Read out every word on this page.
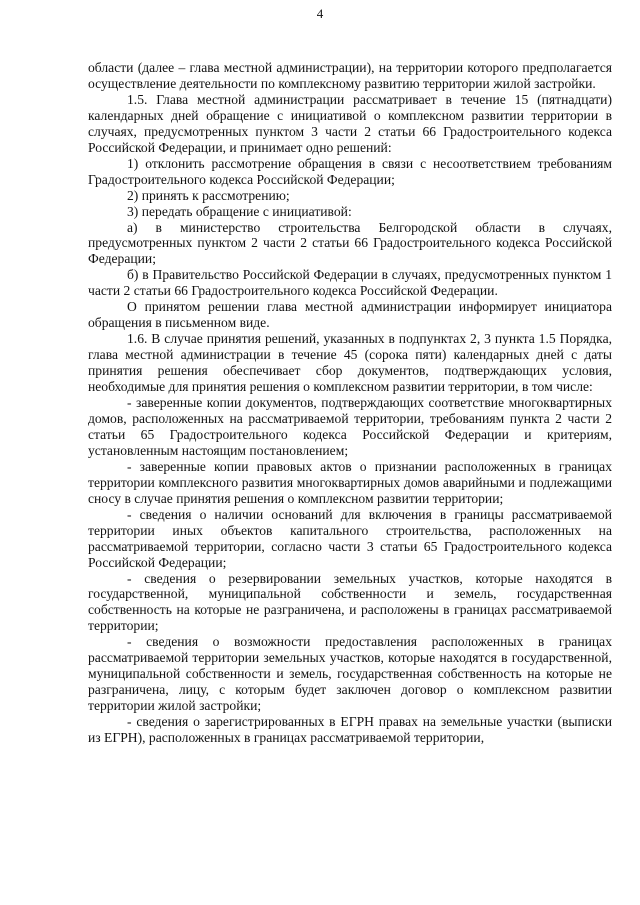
4

области (далее – глава местной администрации), на территории которого предполагается осуществление деятельности по комплексному развитию территории жилой застройки.

1.5. Глава местной администрации рассматривает в течение 15 (пятнадцати) календарных дней обращение с инициативой о комплексном развитии территории в случаях, предусмотренных пунктом 3 части 2 статьи 66 Градостроительного кодекса Российской Федерации, и принимает одно решений:

1) отклонить рассмотрение обращения в связи с несоответствием требованиям Градостроительного кодекса Российской Федерации;

2) принять к рассмотрению;

3) передать обращение с инициативой:

а) в министерство строительства Белгородской области в случаях, предусмотренных пунктом 2 части 2 статьи 66 Градостроительного кодекса Российской Федерации;

б) в Правительство Российской Федерации в случаях, предусмотренных пунктом 1 части 2 статьи 66 Градостроительного кодекса Российской Федерации.

О принятом решении глава местной администрации информирует инициатора обращения в письменном виде.

1.6. В случае принятия решений, указанных в подпунктах 2, 3 пункта 1.5 Порядка, глава местной администрации в течение 45 (сорока пяти) календарных дней с даты принятия решения обеспечивает сбор документов, подтверждающих условия, необходимые для принятия решения о комплексном развитии территории, в том числе:

- заверенные копии документов, подтверждающих соответствие многоквартирных домов, расположенных на рассматриваемой территории, требованиям пункта 2 части 2 статьи 65 Градостроительного кодекса Российской Федерации и критериям, установленным настоящим постановлением;

- заверенные копии правовых актов о признании расположенных в границах территории комплексного развития многоквартирных домов аварийными и подлежащими сносу в случае принятия решения о комплексном развитии территории;

- сведения о наличии оснований для включения в границы рассматриваемой территории иных объектов капитального строительства, расположенных на рассматриваемой территории, согласно части 3 статьи 65 Градостроительного кодекса Российской Федерации;

- сведения о резервировании земельных участков, которые находятся в государственной, муниципальной собственности и земель, государственная собственность на которые не разграничена, и расположены в границах рассматриваемой территории;

- сведения о возможности предоставления расположенных в границах рассматриваемой территории земельных участков, которые находятся в государственной, муниципальной собственности и земель, государственная собственность на которые не разграничена, лицу, с которым будет заключен договор о комплексном развитии территории жилой застройки;

- сведения о зарегистрированных в ЕГРН правах на земельные участки (выписки из ЕГРН), расположенных в границах рассматриваемой территории,
